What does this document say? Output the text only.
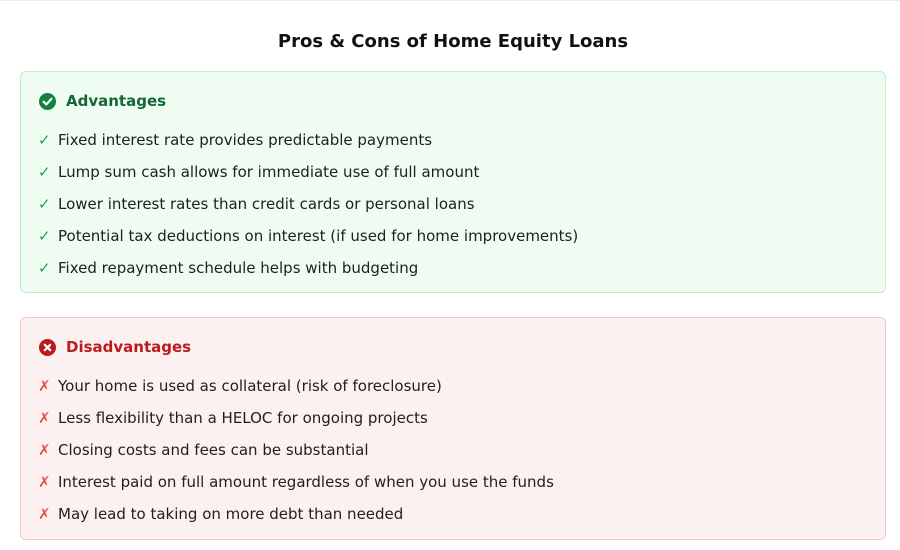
Pros & Cons of Home Equity Loans
Advantages
✓ Fixed interest rate provides predictable payments
✓ Lump sum cash allows for immediate use of full amount
✓ Lower interest rates than credit cards or personal loans
✓ Potential tax deductions on interest (if used for home improvements)
✓ Fixed repayment schedule helps with budgeting
Disadvantages
✗ Your home is used as collateral (risk of foreclosure)
✗ Less flexibility than a HELOC for ongoing projects
✗ Closing costs and fees can be substantial
✗ Interest paid on full amount regardless of when you use the funds
✗ May lead to taking on more debt than needed
